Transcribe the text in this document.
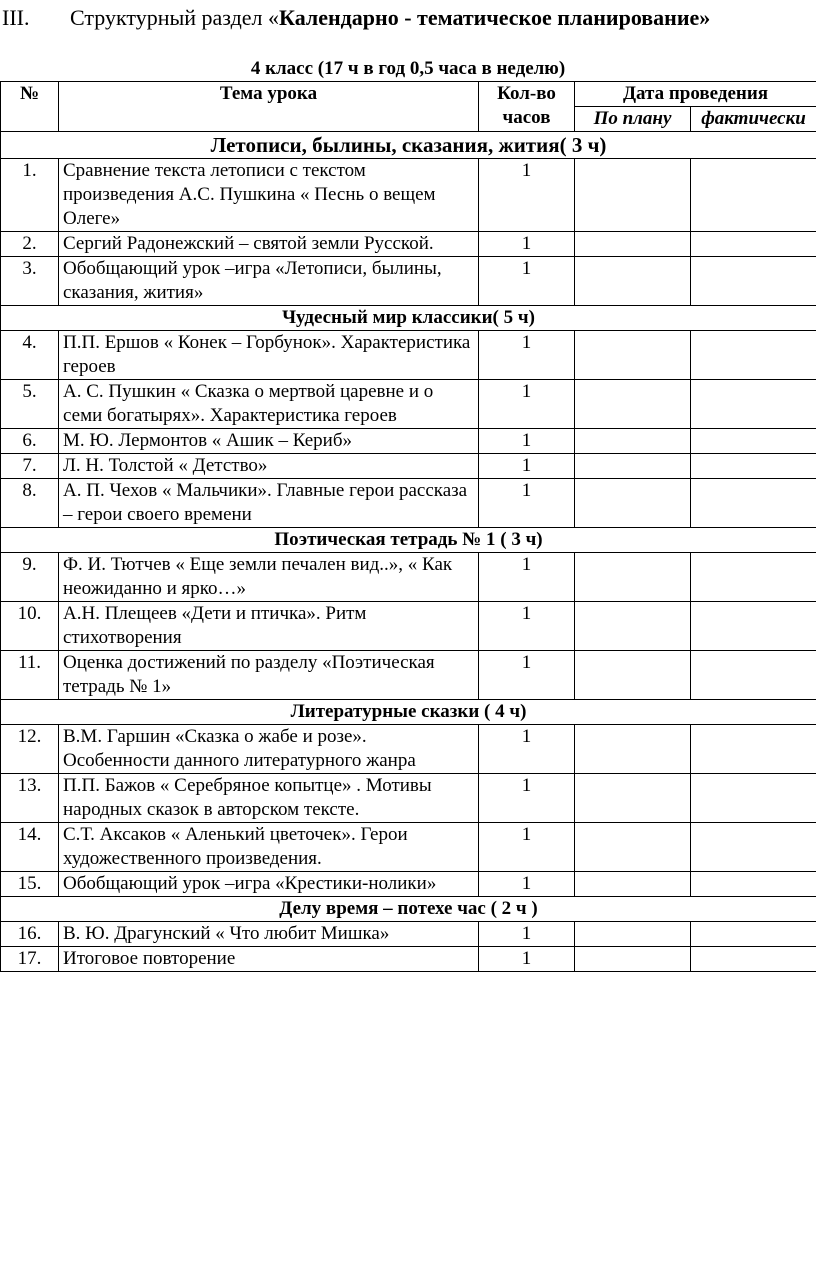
III. Структурный раздел «Календарно - тематическое планирование»
4 класс (17 ч в год 0,5 часа в неделю)
№	Тема урока	Кол-во часов	Дата проведения	
			По плану	фактически
Летописи, былины, сказания, жития( 3 ч)				
1.	Сравнение текста летописи с текстом произведения А.С. Пушкина « Песнь о вещем Олеге»	1		
2.	Сергий Радонежский – святой земли Русской.	1		
3.	Обобщающий урок –игра «Летописи, былины, сказания, жития»	1		
Чудесный мир классики( 5 ч)				
4.	П.П. Ершов « Конек – Горбунок». Характеристика героев	1		
5.	А. С. Пушкин « Сказка о мертвой царевне и о семи богатырях». Характеристика героев	1		
6.	М. Ю. Лермонтов « Ашик – Кериб»	1		
7.	Л. Н. Толстой « Детство»	1		
8.	А. П. Чехов « Мальчики». Главные герои рассказа – герои своего времени	1		
Поэтическая тетрадь № 1 ( 3 ч)				
9.	Ф. И. Тютчев « Еще земли печален вид..», « Как неожиданно и ярко…»	1		
10.	А.Н. Плещеев «Дети и птичка». Ритм стихотворения	1		
11.	Оценка достижений по разделу «Поэтическая тетрадь № 1»	1		
Литературные сказки ( 4 ч)				
12.	В.М. Гаршин «Сказка о жабе и розе». Особенности данного литературного жанра	1		
13.	П.П. Бажов « Серебряное копытце» . Мотивы народных сказок в авторском тексте.	1		
14.	С.Т. Аксаков « Аленький цветочек». Герои художественного произведения.	1		
15.	Обобщающий урок –игра «Крестики-нолики»	1		
Делу время – потехе час ( 2 ч )				
16.	В. Ю. Драгунский « Что любит Мишка»	1		
17.	Итоговое повторение	1		
